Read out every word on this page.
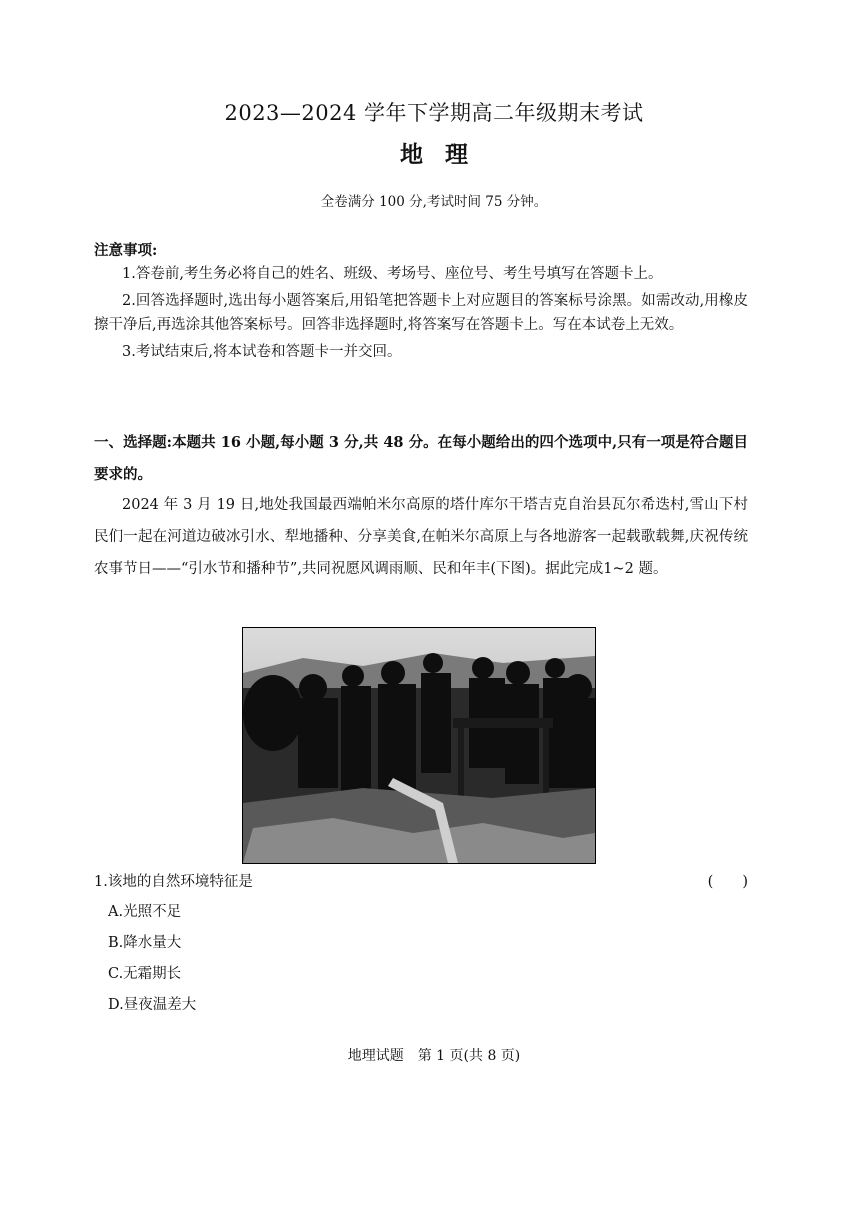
2023—2024 学年下学期高二年级期末考试
地理
全卷满分 100 分,考试时间 75 分钟。
注意事项:

1.答卷前,考生务必将自己的姓名、班级、考场号、座位号、考生号填写在答题卡上。

2.回答选择题时,选出每小题答案后,用铅笔把答题卡上对应题目的答案标号涂黑。如需改动,用橡皮擦干净后,再选涂其他答案标号。回答非选择题时,将答案写在答题卡上。写在本试卷上无效。

3.考试结束后,将本试卷和答题卡一并交回。

一、选择题:本题共 16 小题,每小题 3 分,共 48 分。在每小题给出的四个选项中,只有一项是符合题目要求的。
2024 年 3 月 19 日,地处我国最西端帕米尔高原的塔什库尔干塔吉克自治县瓦尔希迭村,雪山下村民们一起在河道边破冰引水、犁地播种、分享美食,在帕米尔高原上与各地游客一起载歌载舞,庆祝传统农事节日——“引水节和播种节”,共同祝愿风调雨顺、民和年丰(下图)。据此完成1~2 题。
1.该地的自然环境特征是	(　　)
A.光照不足
B.降水量大
C.无霜期长
D.昼夜温差大
地理试题　第 1 页(共 8 页)
